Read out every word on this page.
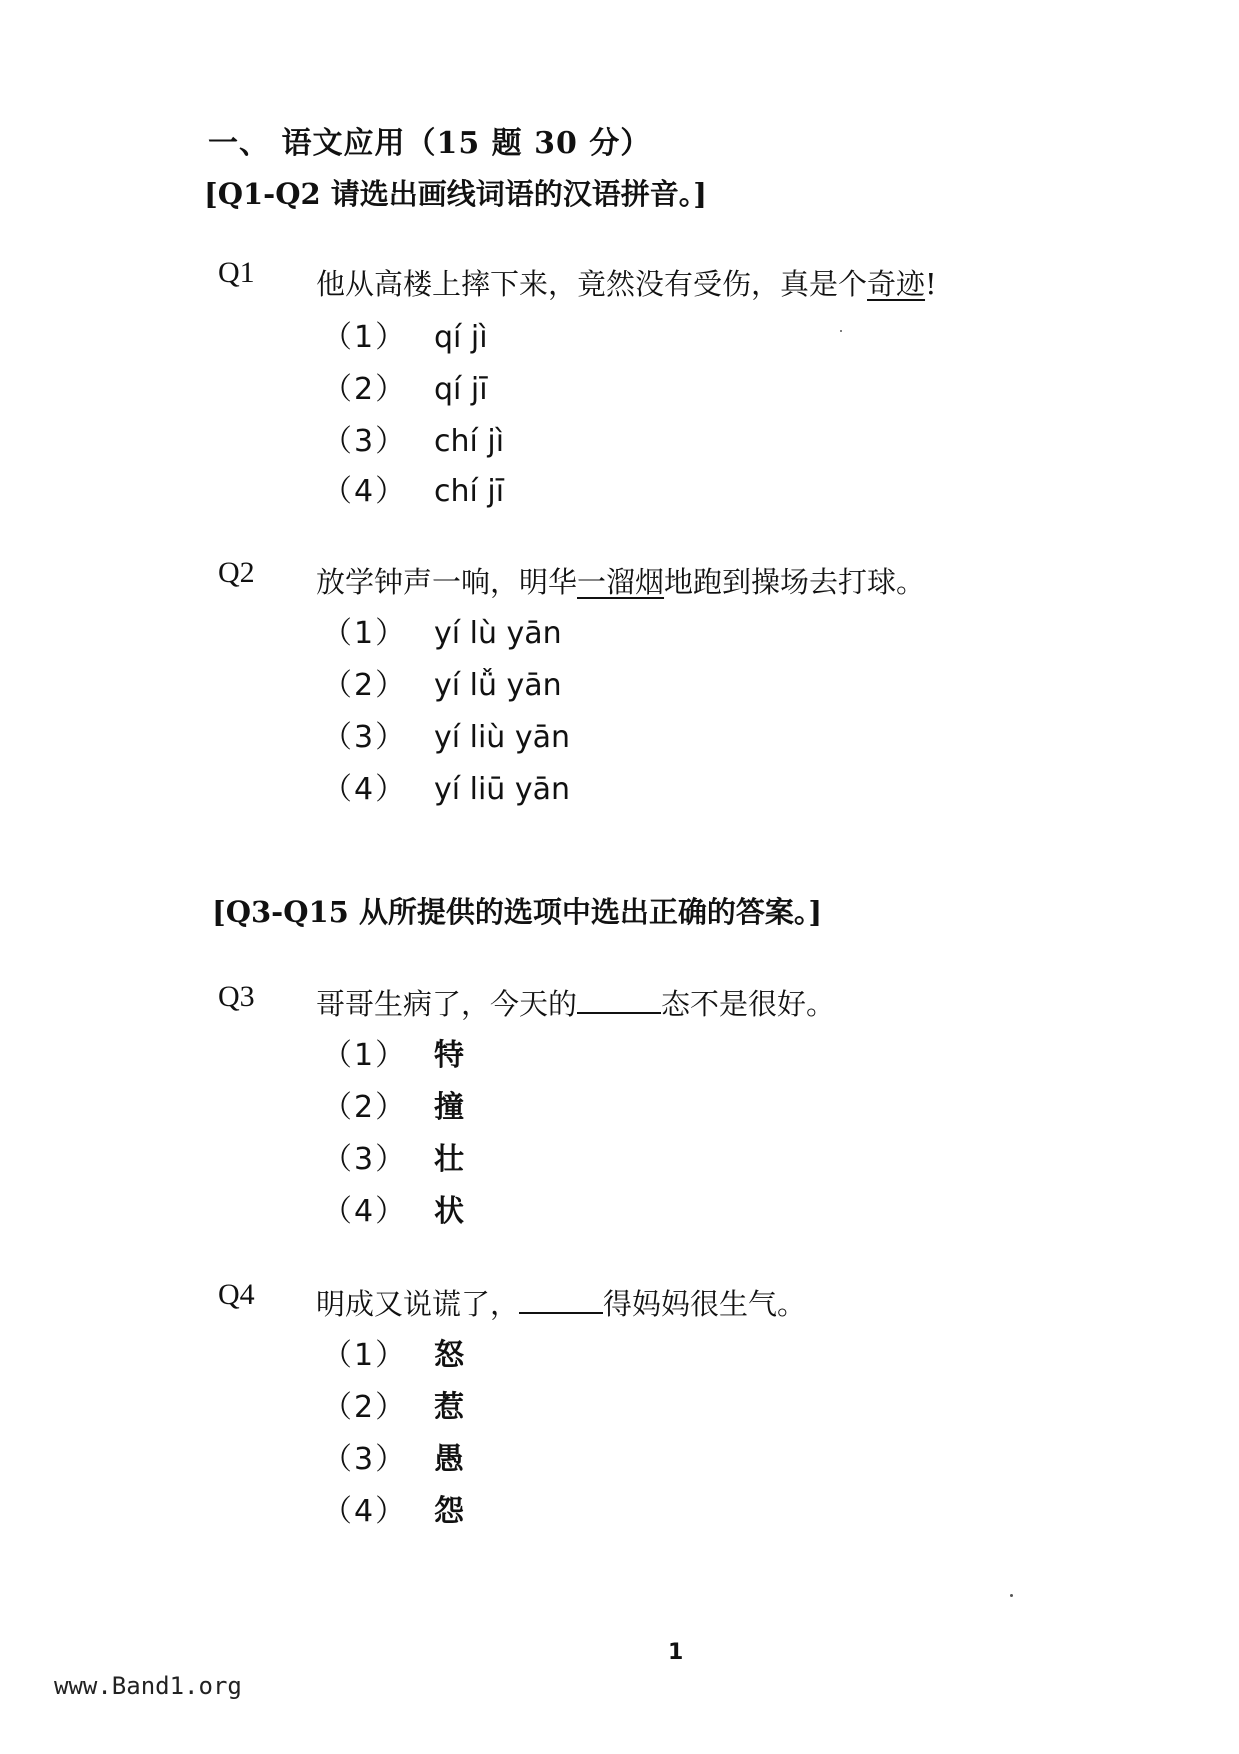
一、 语文应用（15 题 30 分）
[Q1-Q2 请选出画线词语的汉语拼音。]
Q1 他从高楼上摔下来，竟然没有受伤，真是个奇迹!
（1） qí jì
（2） qí jī
（3） chí jì
（4） chí jī
Q2 放学钟声一响，明华一溜烟地跑到操场去打球。
（1） yí lù yān
（2） yí lǚ yān
（3） yí liù yān
（4） yí liū yān
[Q3-Q15 从所提供的选项中选出正确的答案。]
Q3 哥哥生病了，今天的	态不是很好。
（1） 特
（2） 撞
（3） 壮
（4） 状
Q4 明成又说谎了，	得妈妈很生气。
（1） 怒
（2） 惹
（3） 愚
（4） 怨
1
www.Band1.org
